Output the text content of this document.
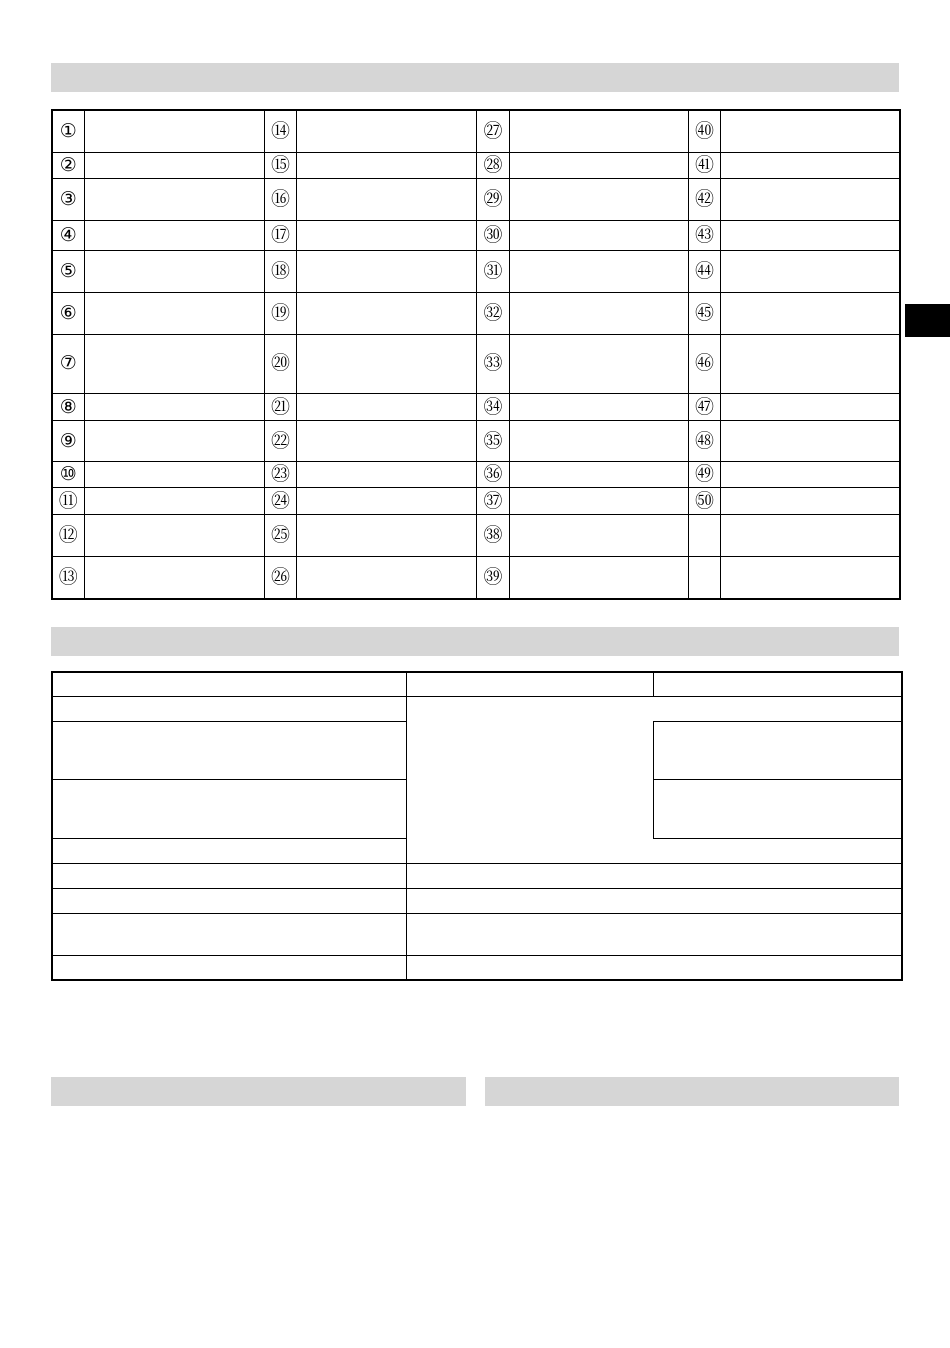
①		⑭		㉗		㊵	
②		⑮		㉘		㊶	
③		⑯		㉙		㊷	
④		⑰		㉚		㊸	
⑤		⑱		㉛		㊹	
⑥		⑲		㉜		㊺	
⑦		⑳		㉝		㊻	
⑧		㉑		㉞		㊼	
⑨		㉒		㉟		㊽	
⑩		㉓		㊱		㊾	
⑪		㉔		㊲		㊿	
⑫		㉕		㊳			
⑬		㉖		㊴			
